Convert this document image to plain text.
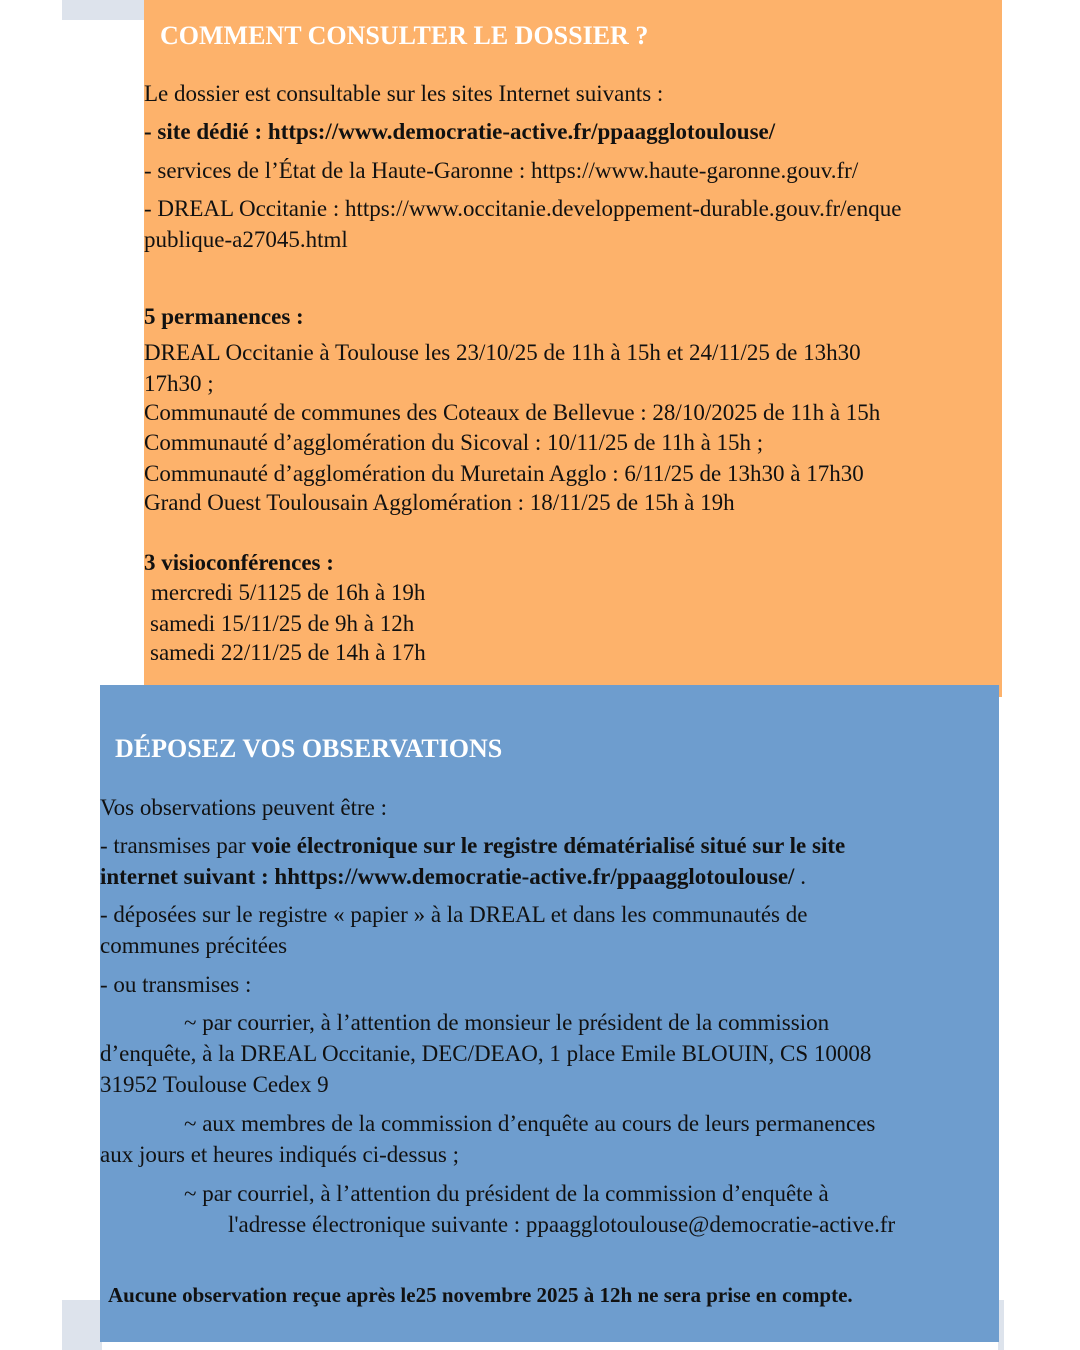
COMMENT CONSULTER LE DOSSIER ?
Le dossier est consultable sur les sites Internet suivants :
- site dédié : https://www.democratie-active.fr/ppaagglotoulouse/
- services de l’État de la Haute-Garonne : https://www.haute-garonne.gouv.fr/
- DREAL Occitanie : https://www.occitanie.developpement-durable.gouv.fr/enque
publique-a27045.html
5 permanences :
DREAL Occitanie à Toulouse les 23/10/25 de 11h à 15h et 24/11/25 de 13h30
17h30 ;
Communauté de communes des Coteaux de Bellevue : 28/10/2025 de 11h à 15h
Communauté d’agglomération du Sicoval : 10/11/25 de 11h à 15h ;
Communauté d’agglomération du Muretain Agglo : 6/11/25 de 13h30 à 17h30
Grand Ouest Toulousain Agglomération : 18/11/25 de 15h à 19h
3 visioconférences :
mercredi 5/1125 de 16h à 19h
samedi 15/11/25 de 9h à 12h
samedi 22/11/25 de 14h à 17h
DÉPOSEZ VOS OBSERVATIONS
Vos observations peuvent être :
- transmises par voie électronique sur le registre dématérialisé situé sur le site
internet suivant : hhttps://www.democratie-active.fr/ppaagglotoulouse/ .
- déposées sur le registre « papier » à la DREAL et dans les communautés de
communes précitées
- ou transmises :
~ par courrier, à l’attention de monsieur le président de la commission
d’enquête, à la DREAL Occitanie, DEC/DEAO, 1 place Emile BLOUIN, CS 10008
31952 Toulouse Cedex 9
~ aux membres de la commission d’enquête au cours de leurs permanences
aux jours et heures indiqués ci-dessus ;
~ par courriel, à l’attention du président de la commission d’enquête à
l'adresse électronique suivante : ppaagglotoulouse@democratie-active.fr
Aucune observation reçue après le25 novembre 2025 à 12h ne sera prise en compte.
